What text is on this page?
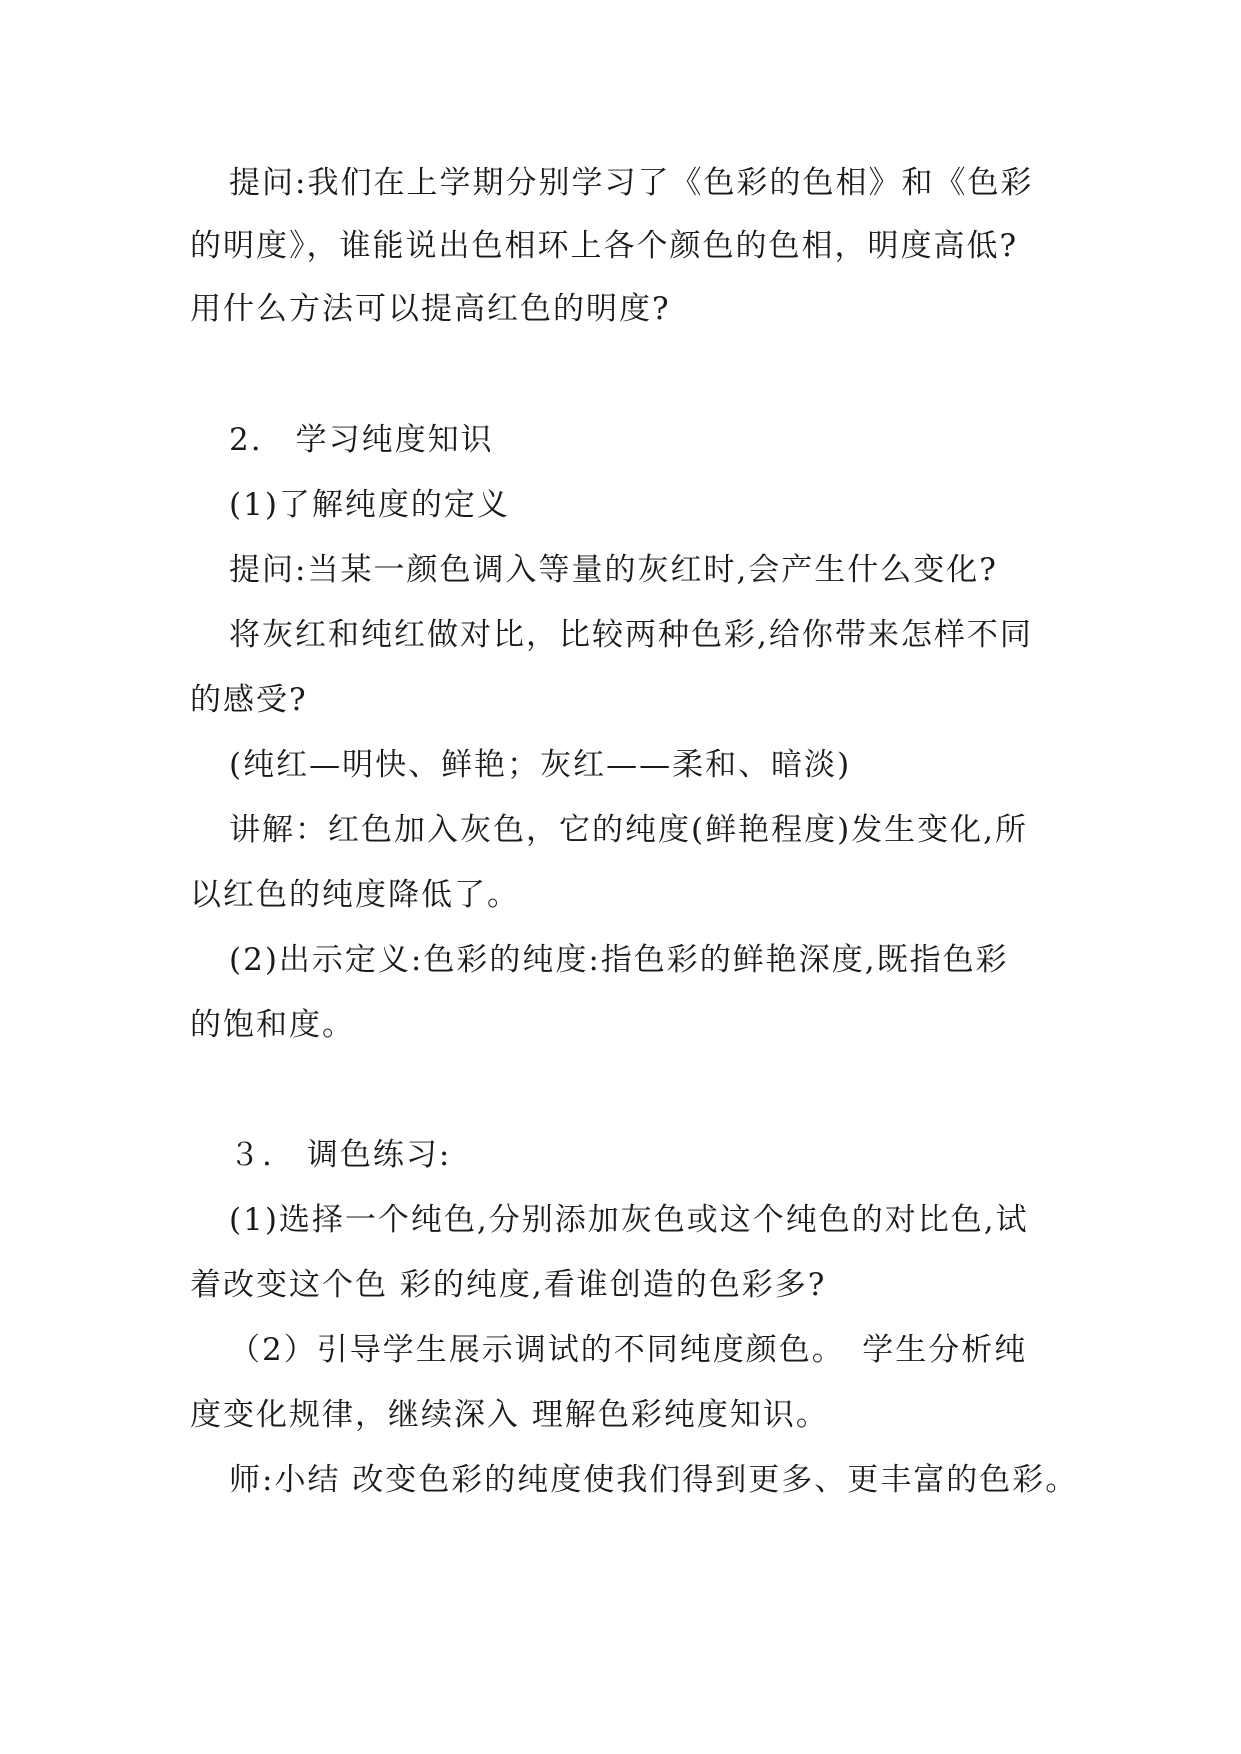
提问:我们在上学期分别学习了《色彩的色相》和《色彩
的明度》，谁能说出色相环上各个颜色的色相，明度高低?
用什么方法可以提高红色的明度?
2.　学习纯度知识
(1)了解纯度的定义
提问:当某一颜色调入等量的灰红时,会产生什么变化?
将灰红和纯红做对比，比较两种色彩,给你带来怎样不同
的感受?
(纯红—明快、鲜艳；灰红——柔和、暗淡)
讲解：红色加入灰色，它的纯度(鲜艳程度)发生变化,所
以红色的纯度降低了。
(2)出示定义:色彩的纯度:指色彩的鲜艳深度,既指色彩
的饱和度。
３.　调色练习:
(1)选择一个纯色,分别添加灰色或这个纯色的对比色,试
着改变这个色 彩的纯度,看谁创造的色彩多?
（2）引导学生展示调试的不同纯度颜色。　学生分析纯
度变化规律，继续深入 理解色彩纯度知识。
师:小结 改变色彩的纯度使我们得到更多、更丰富的色彩。
